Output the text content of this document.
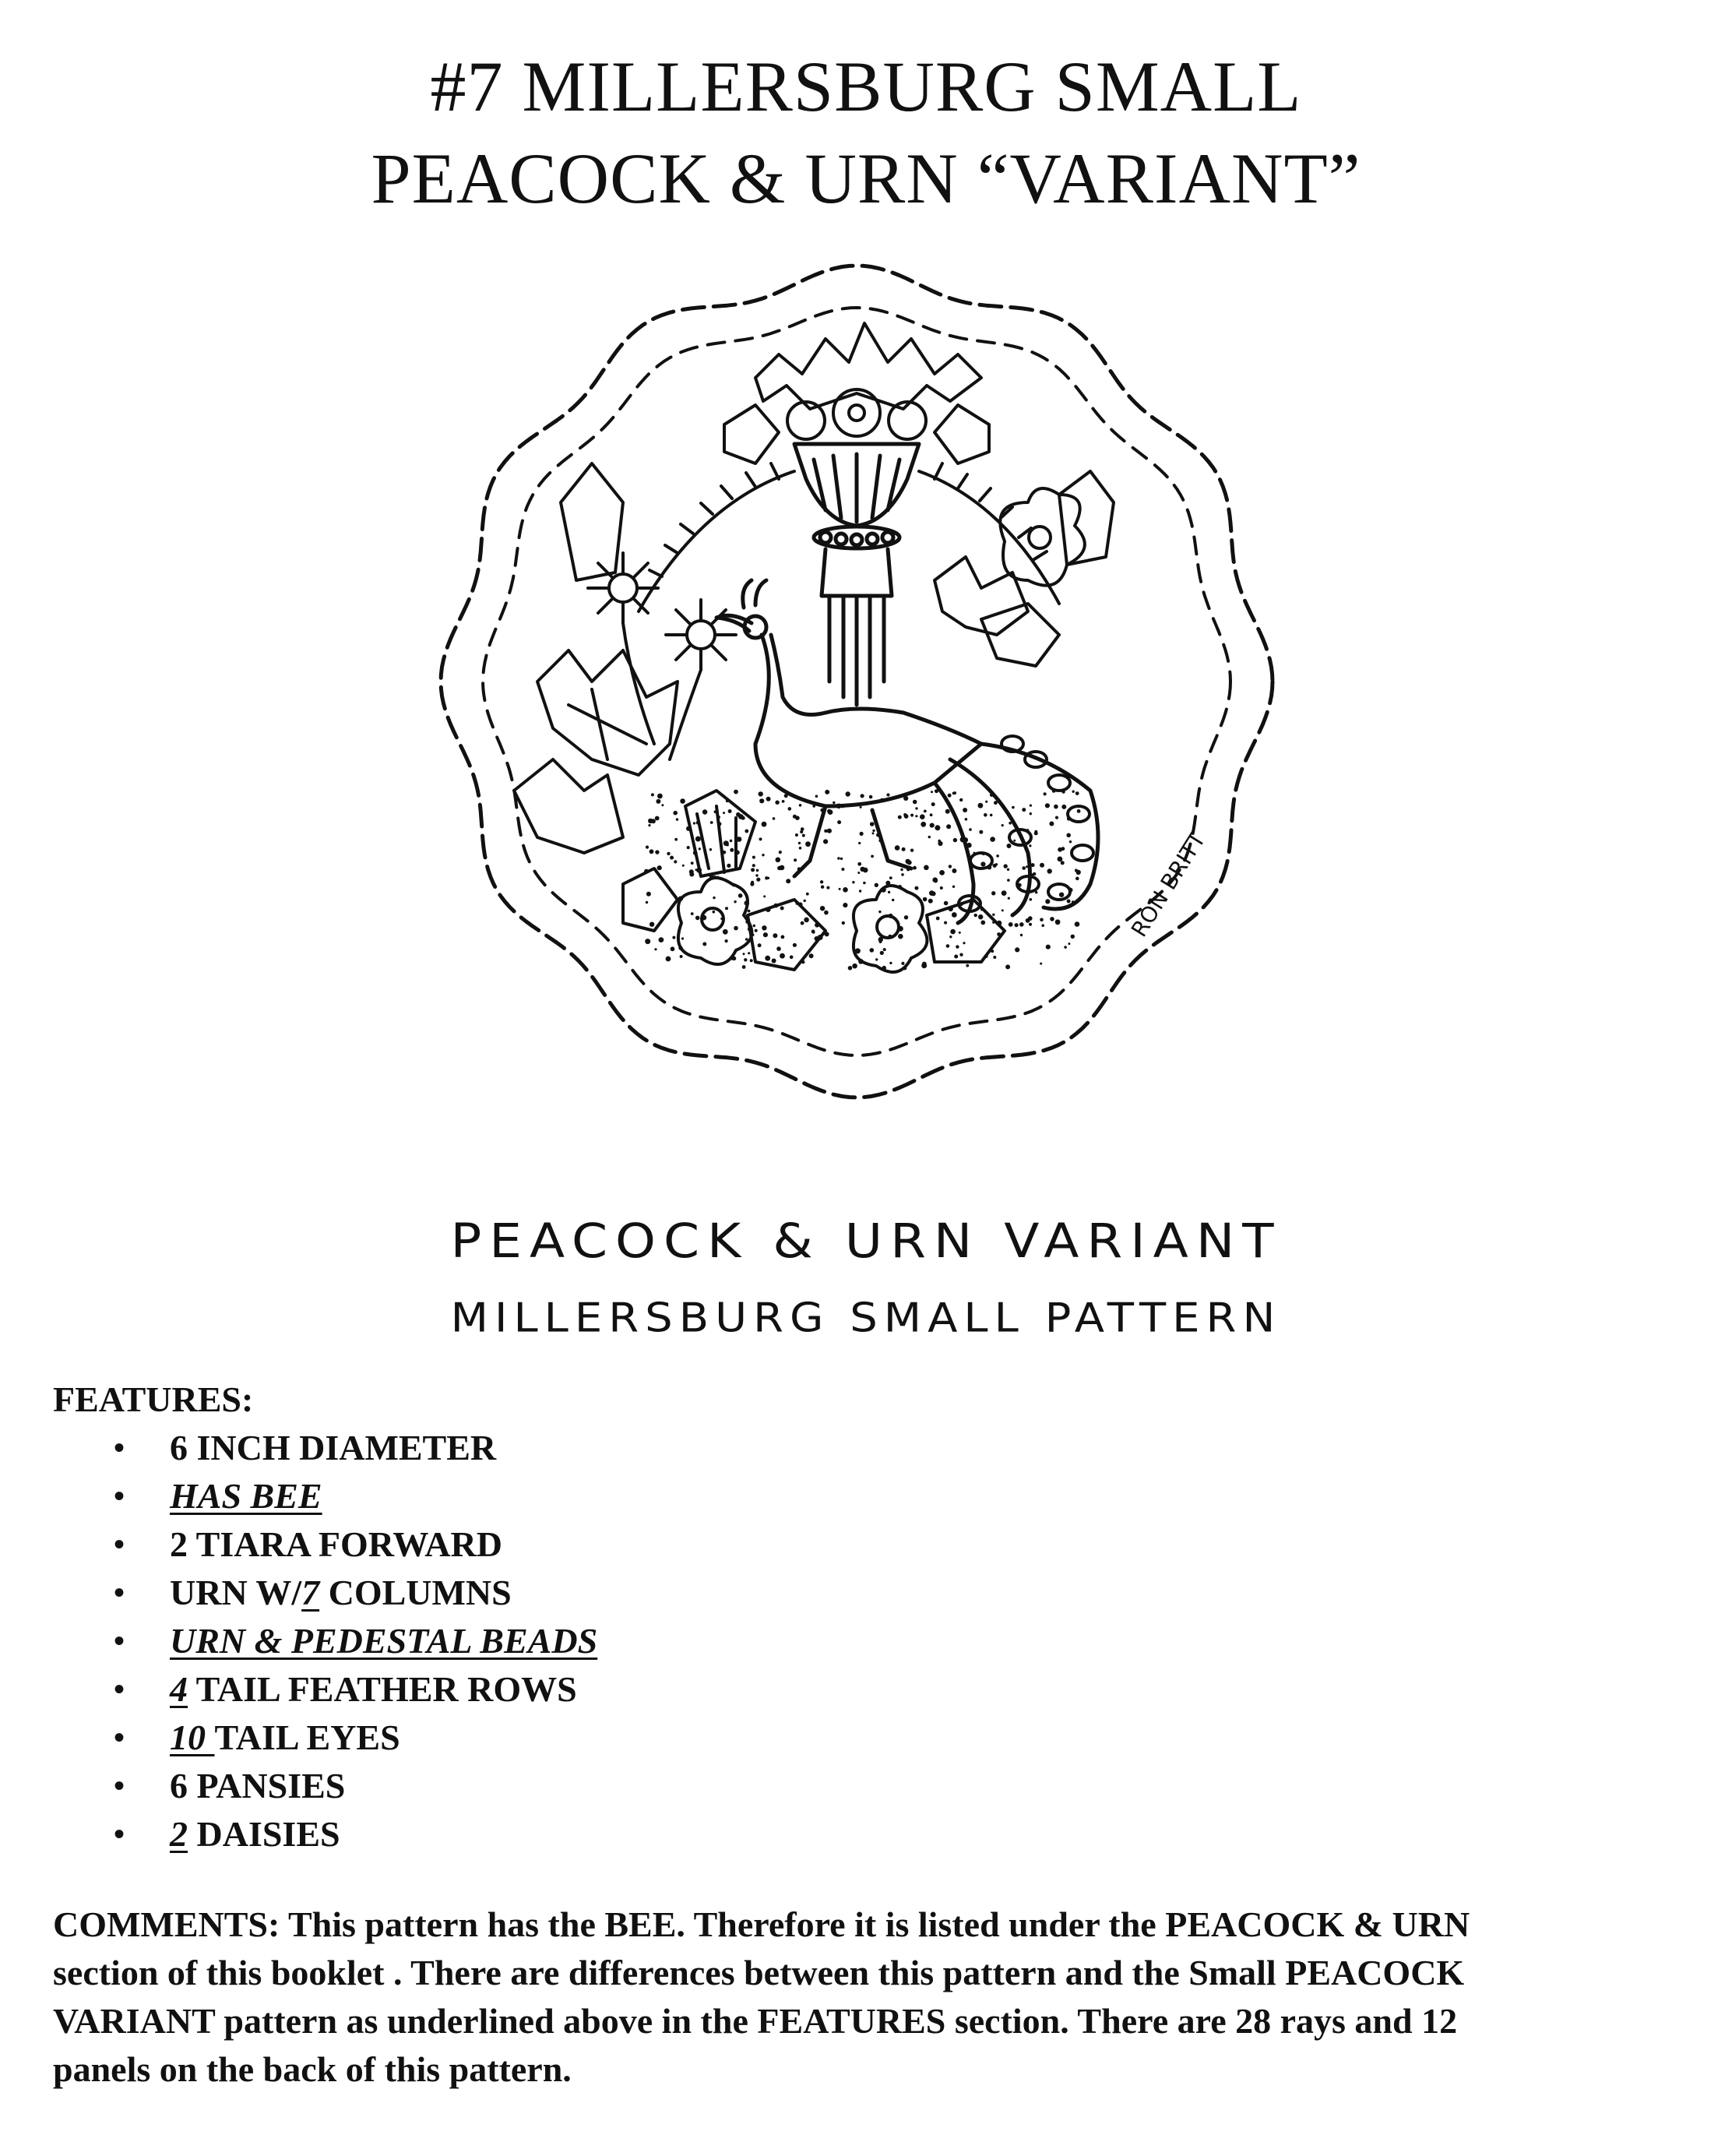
#7 MILLERSBURG SMALL
PEACOCK & URN “VARIANT”
RON BRITT
PEACOCK & URN VARIANT
MILLERSBURG SMALL PATTERN
FEATURES:
• 6 INCH DIAMETER
• HAS BEE
• 2 TIARA FORWARD
• URN W/7 COLUMNS
• URN & PEDESTAL BEADS
• 4 TAIL FEATHER ROWS
• 10 TAIL EYES
• 6 PANSIES
• 2 DAISIES
COMMENTS: This pattern has the BEE. Therefore it is listed under the PEACOCK & URN
section of this booklet . There are differences between this pattern and the Small PEACOCK
VARIANT pattern as underlined above in the FEATURES section. There are 28 rays and 12
panels on the back of this pattern.
